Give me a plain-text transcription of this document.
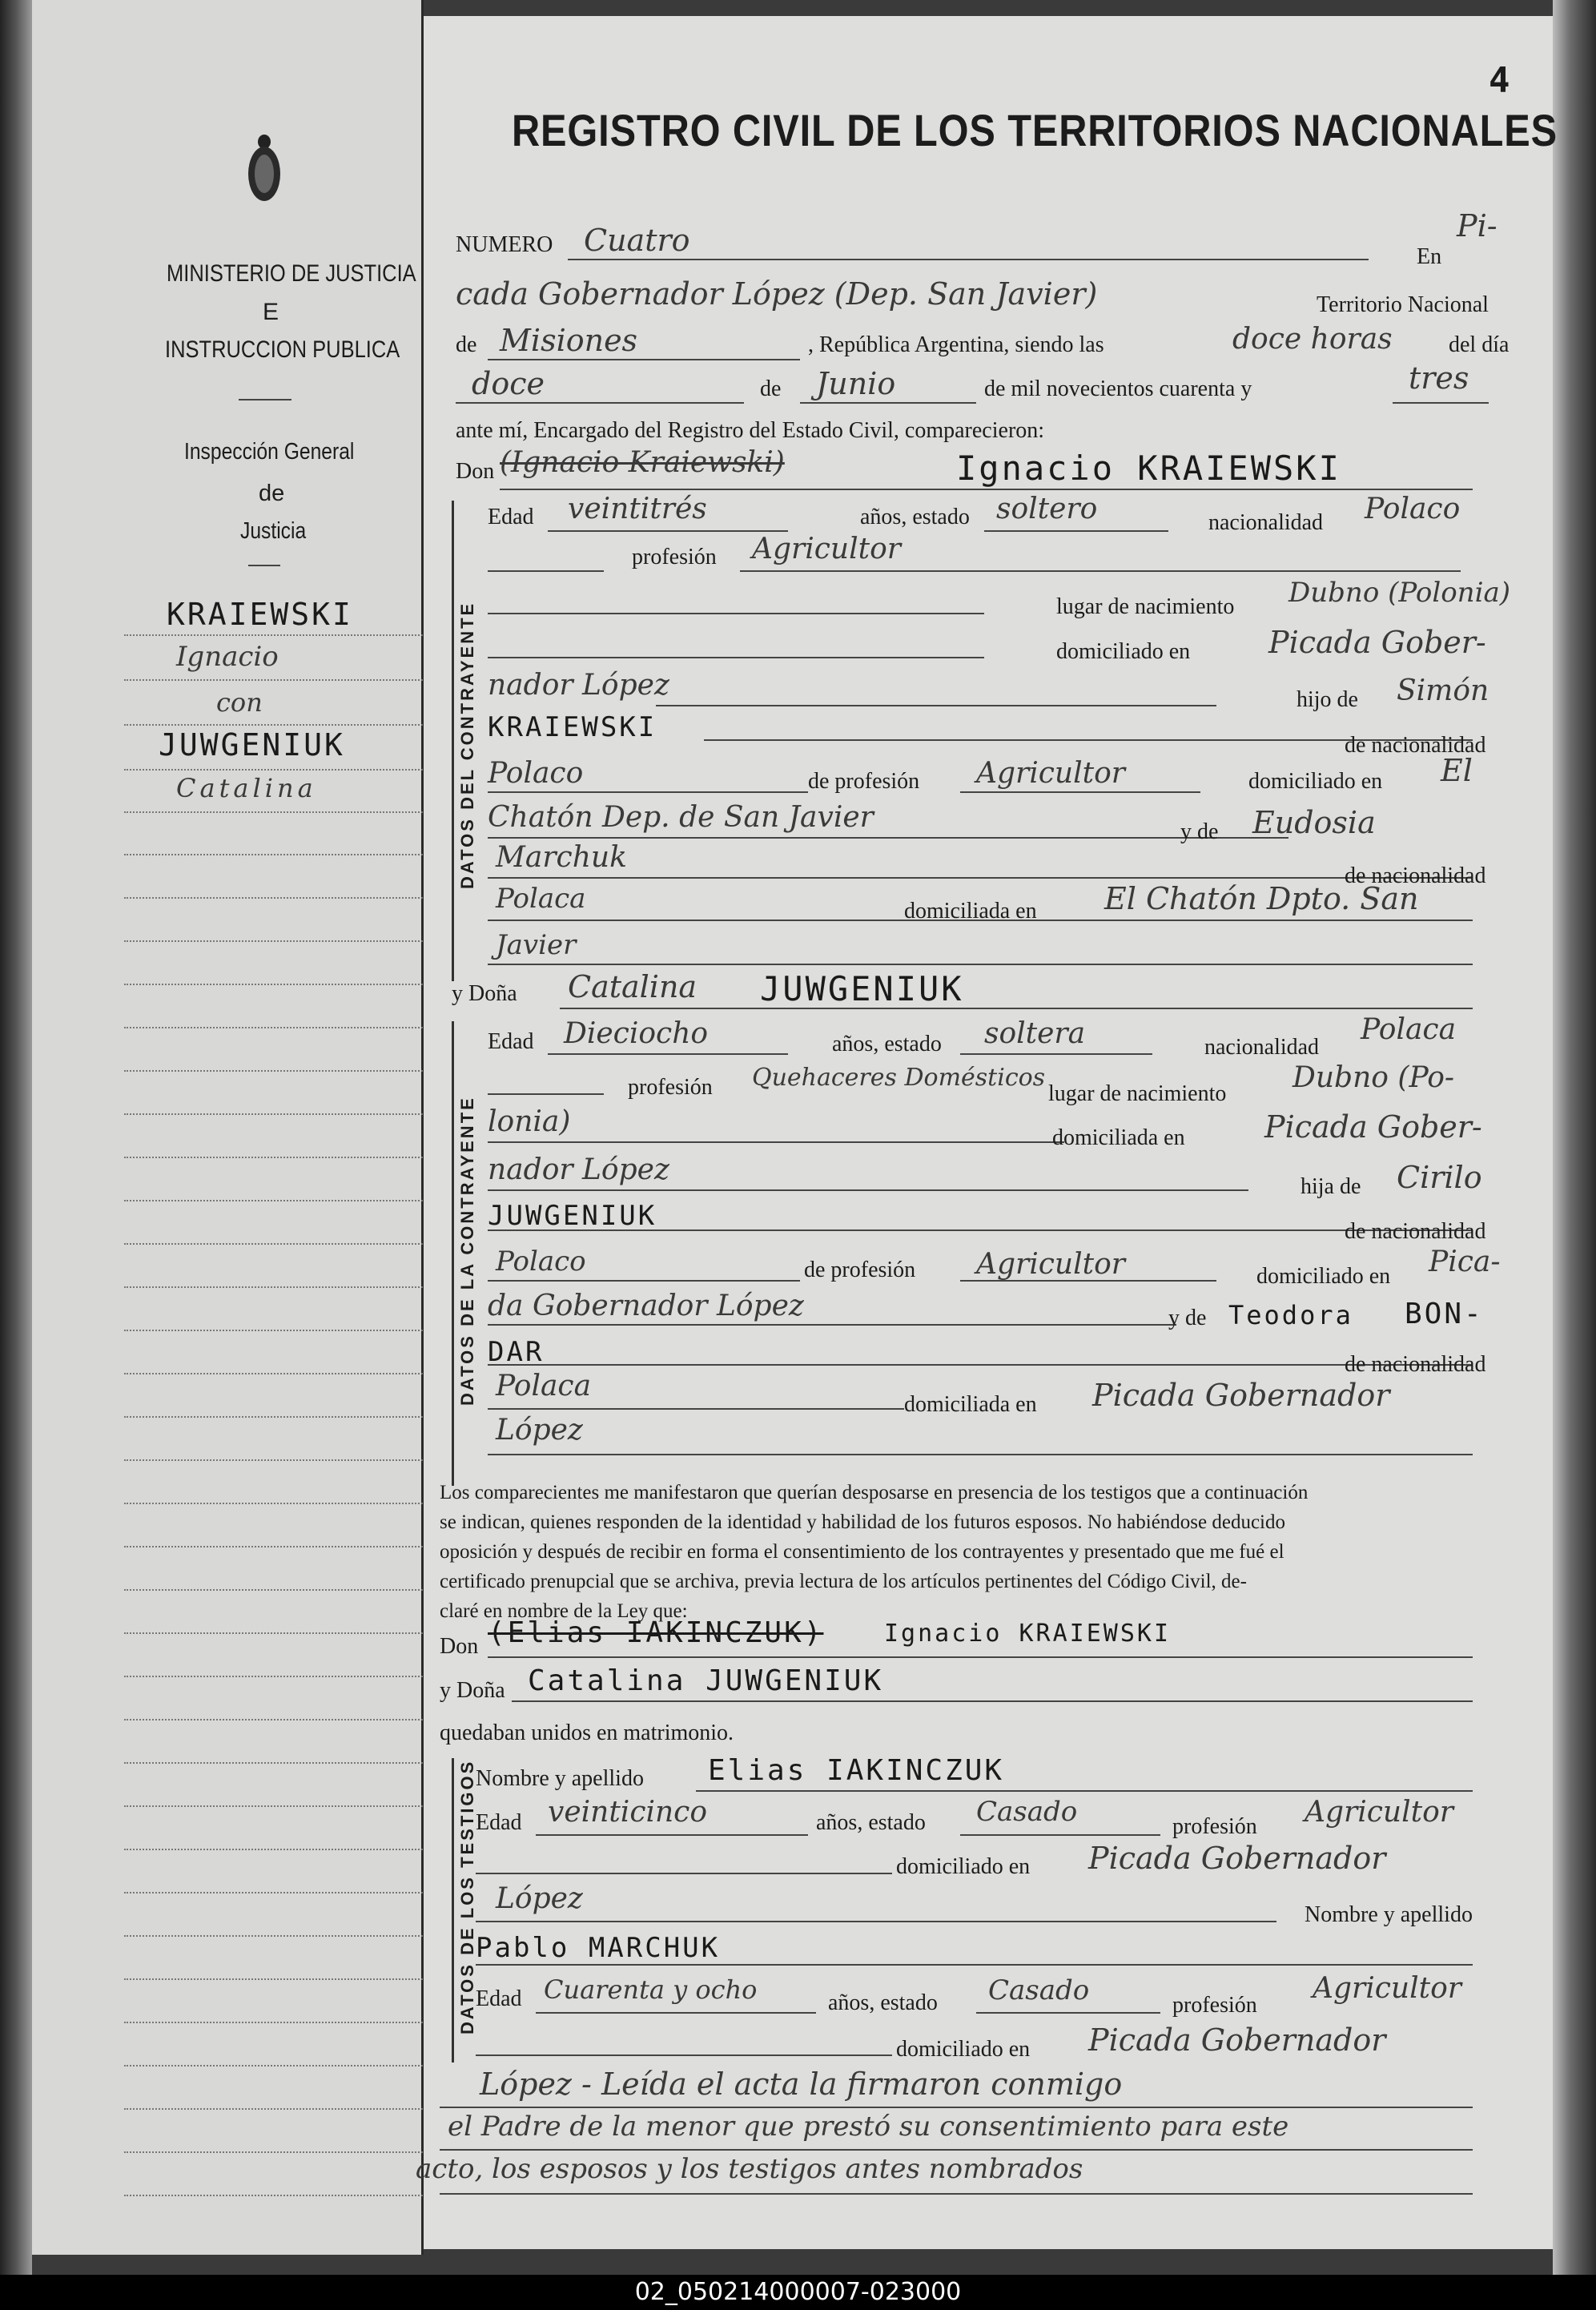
MINISTERIO DE JUSTICIA
E
INSTRUCCION PUBLICA
Inspección General
de
Justicia
KRAIEWSKI
Ignacio
con
JUWGENIUK
Catalina
4
REGISTRO CIVIL DE LOS TERRITORIOS NACIONALES
NUMERO Cuatro	En
Pi-
cada Gobernador López (Dep. San Javier)	Territorio Nacional
de Misiones	, República Argentina, siendo las	doce horas	del día
doce	de Junio	de mil novecientos cuarenta y	tres
ante mí, Encargado del Registro del Estado Civil, comparecieron:
Don (Ignacio Kraiewski)	Ignacio KRAIEWSKI
DATOS DEL CONTRAYENTE
Edad veintitrés	años, estado soltero	nacionalidad Polaco
profesión Agricultor
lugar de nacimiento Dubno (Polonia)
domiciliado en	Picada Gober-
nador López	hijo de Simón
KRAIEWSKI
de nacionalidad
Polaco	de profesión Agricultor	domiciliado en El
Chatón Dep. de San Javier	y de Eudosia
Marchuk
de nacionalidad
Polaca	domiciliada en El Chatón Dpto. San
Javier
y Doña Catalina JUWGENIUK
DATOS DE LA CONTRAYENTE
Edad Dieciocho	años, estado soltera	nacionalidad
Polaca
profesión Quehaceres Domésticos
lugar de nacimiento Dubno (Po-
lonia)	domiciliada en	Picada Gober-
nador López
hija de Cirilo
JUWGENIUK	de nacionalidad
Polaco	de profesión Agricultor	domiciliado en Pica-
da Gobernador López	y de Teodora BON-
DAR	de nacionalidad
Polaca
domiciliada en Picada Gobernador
López
Los comparecientes me manifestaron que querían desposarse en presencia de los testigos que a continuación
se indican, quienes responden de la identidad y habilidad de los futuros esposos. No habiéndose deducido
oposición y después de recibir en forma el consentimiento de los contrayentes y presentado que me fué el
certificado prenupcial que se archiva, previa lectura de los artículos pertinentes del Código Civil, de-
claré en nombre de la Ley que:
Don (Elias IAKINCZUK)	Ignacio KRAIEWSKI
y Doña Catalina JUWGENIUK
quedaban unidos en matrimonio.
DATOS DE LOS TESTIGOS
Nombre y apellido Elias IAKINCZUK
Edad veinticinco	años, estado Casado	profesión Agricultor
domiciliado en Picada Gobernador
López	Nombre y apellido
Pablo MARCHUK
Edad Cuarenta y ocho	años, estado Casado	profesión
Agricultor
domiciliado en Picada Gobernador
López - Leída el acta la firmaron conmigo
el Padre de la menor que prestó su consentimiento para este
acto, los esposos y los testigos antes nombrados
02_050214000007-023000
